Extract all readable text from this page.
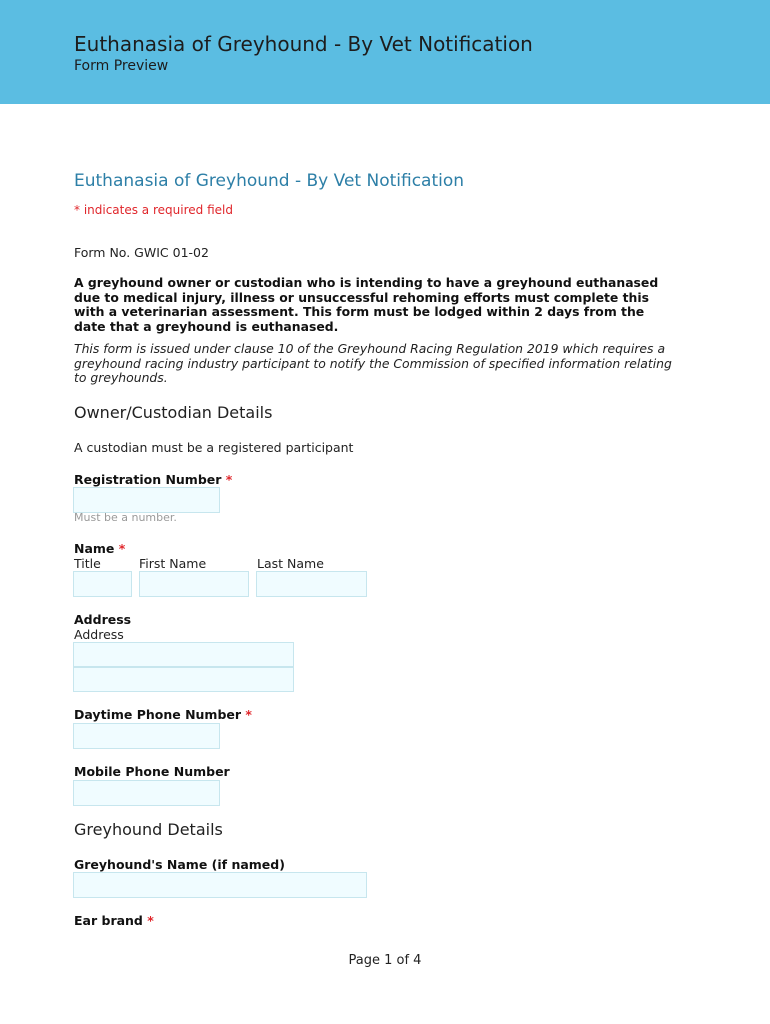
Euthanasia of Greyhound - By Vet Notification
Form Preview
Euthanasia of Greyhound - By Vet Notification
* indicates a required field
Form No. GWIC 01-02
A greyhound owner or custodian who is intending to have a greyhound euthanased due to medical injury, illness or unsuccessful rehoming efforts must complete this with a veterinarian assessment. This form must be lodged within 2 days from the date that a greyhound is euthanased.
This form is issued under clause 10 of the Greyhound Racing Regulation 2019 which requires a greyhound racing industry participant to notify the Commission of specified information relating to greyhounds.
Owner/Custodian Details
A custodian must be a registered participant
Registration Number *
Must be a number.
Name *
Title	First Name	Last Name
Address
Address
Daytime Phone Number *
Mobile Phone Number
Greyhound Details
Greyhound's Name (if named)
Ear brand *
Page 1 of 4
